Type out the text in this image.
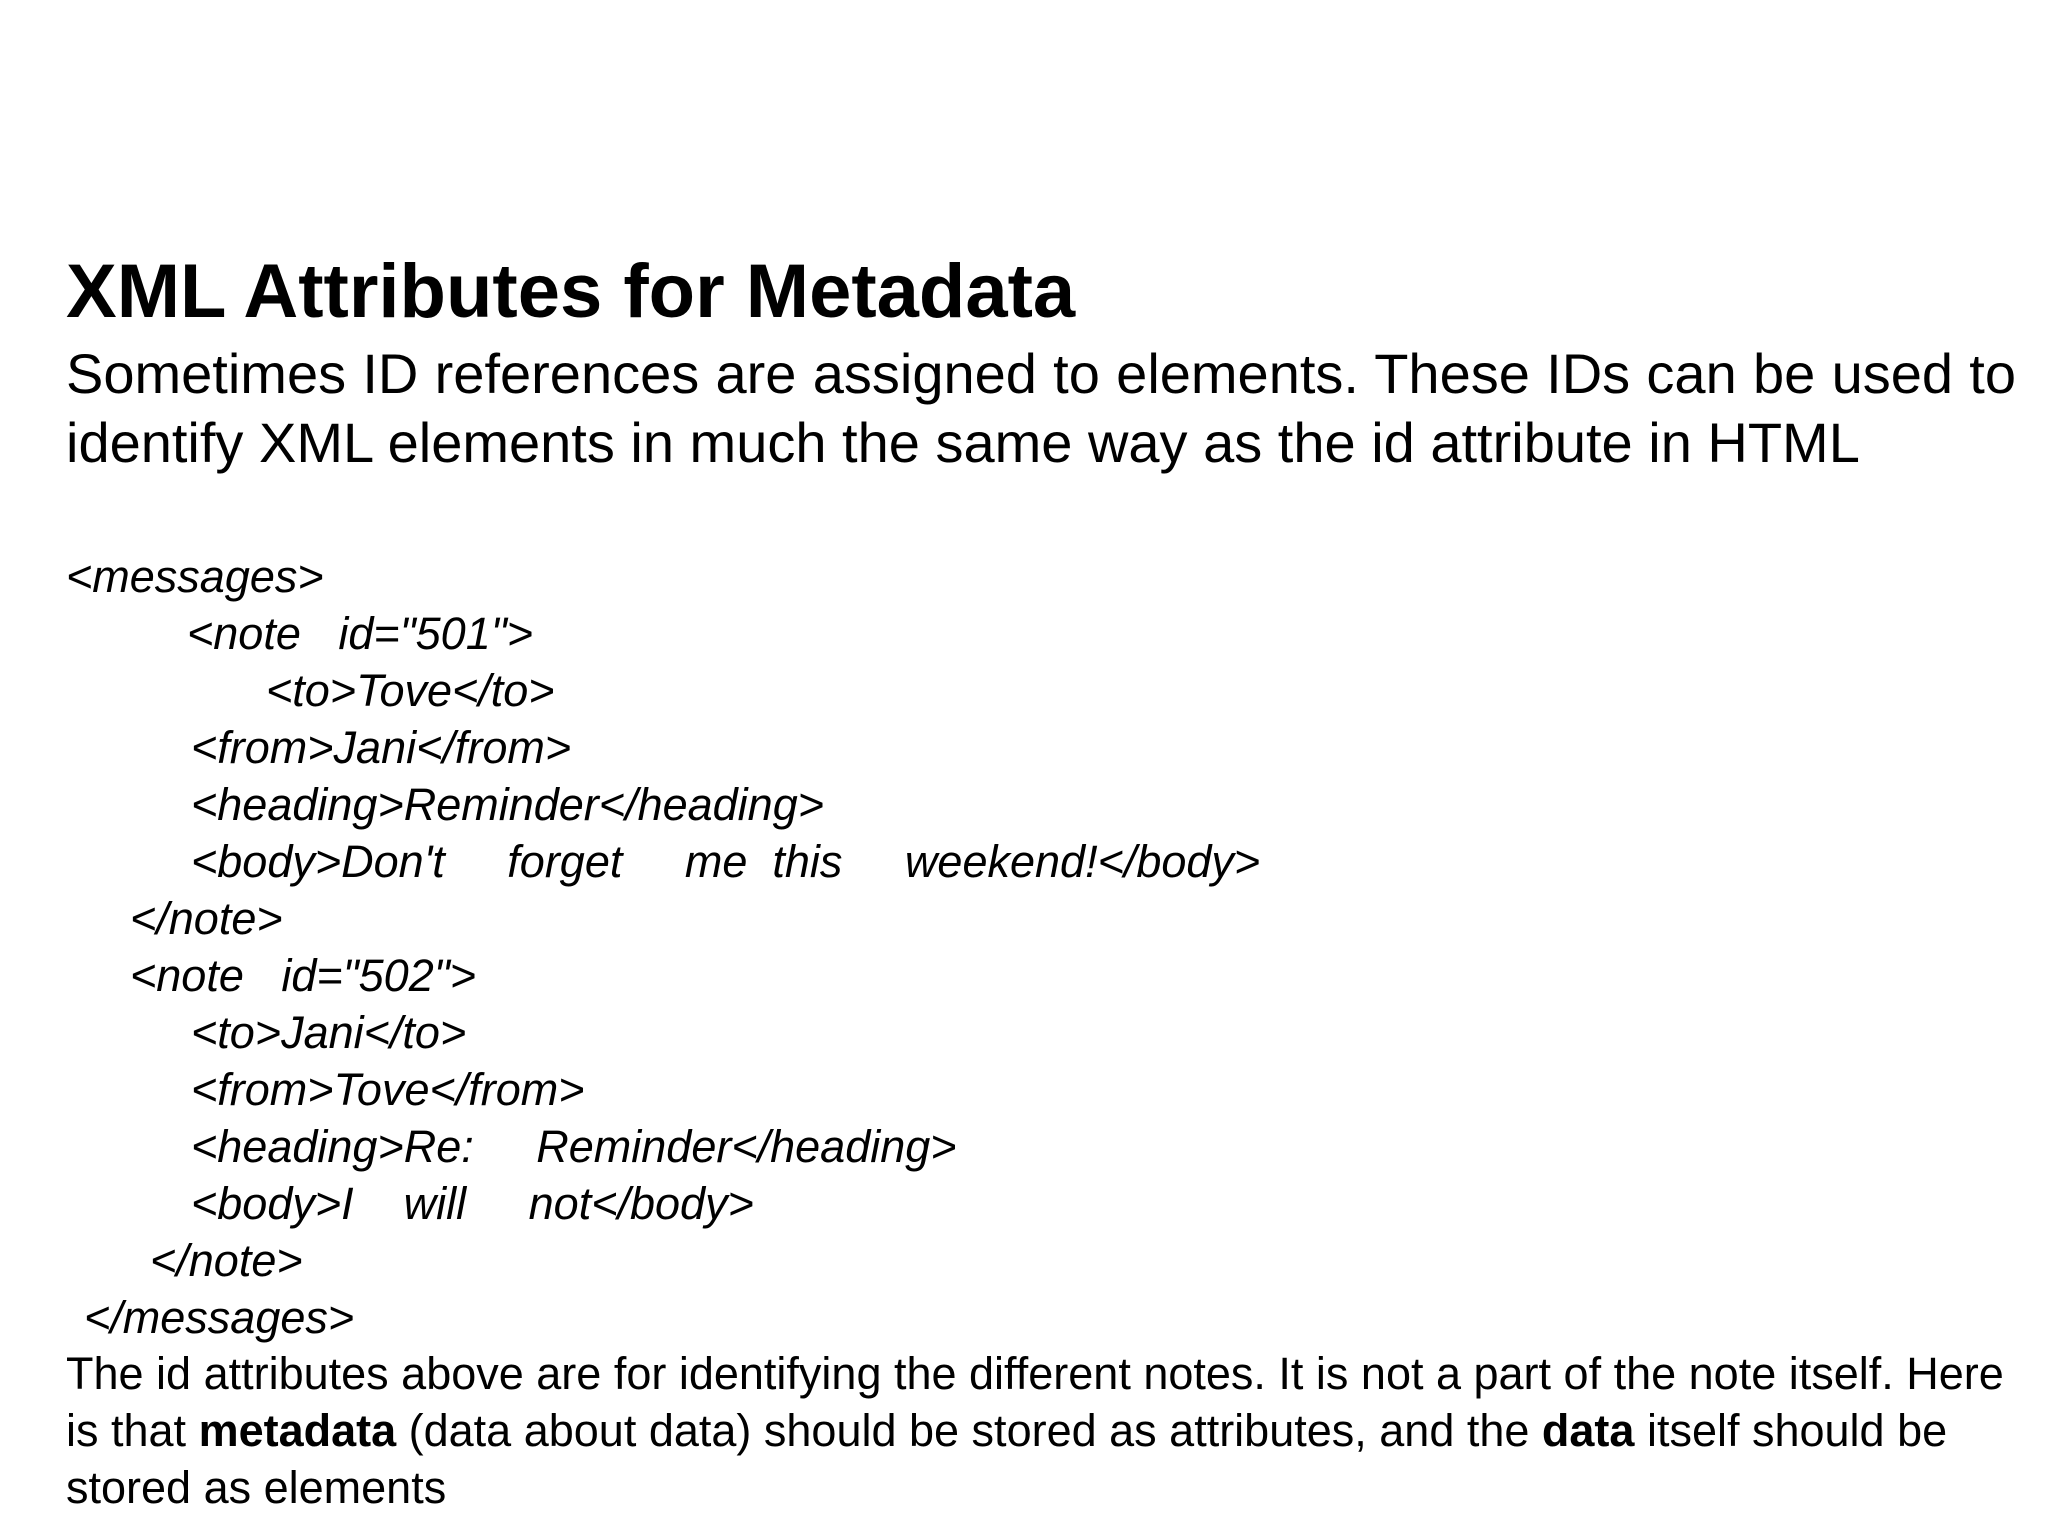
XML Attributes for Metadata

Sometimes ID references are assigned to elements. These IDs can be used to identify XML elements in much the same way as the id attribute in HTML

<messages>

<note   id="501">

<to>Tove</to>

<from>Jani</from>

<heading>Reminder</heading>

<body>Don't     forget     me  this     weekend!</body>

</note>

<note   id="502">

<to>Jani</to>

<from>Tove</from>

<heading>Re:     Reminder</heading>

<body>I    will     not</body>

</note>

</messages>

The id attributes above are for identifying the different notes. It is not a part of the note itself. Here is that metadata (data about data) should be stored as attributes, and the data itself should be stored as elements
